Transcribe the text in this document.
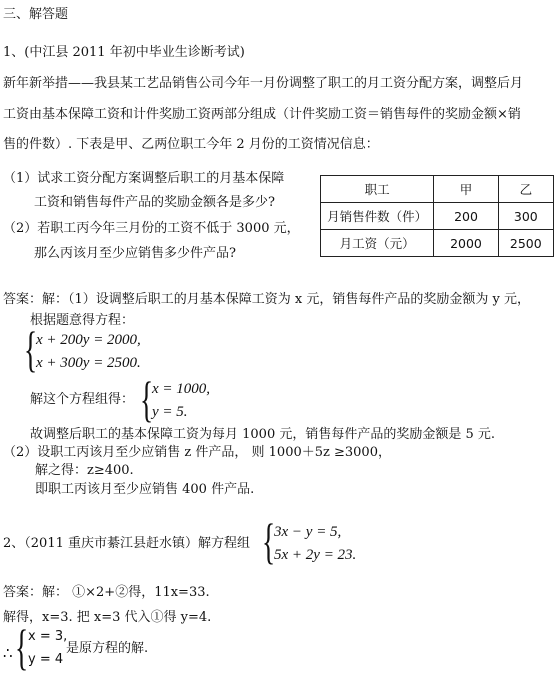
三、解答题
1、(中江县 2011 年初中毕业生诊断考试)
新年新举措——我县某工艺品销售公司今年一月份调整了职工的月工资分配方案，调整后月
工资由基本保障工资和计件奖励工资两部分组成（计件奖励工资＝销售每件的奖励金额×销
售的件数）. 下表是甲、乙两位职工今年 2 月份的工资情况信息：
（1）试求工资分配方案调整后职工的月基本保障
工资和销售每件产品的奖励金额各是多少?
（2）若职工丙今年三月份的工资不低于 3000 元，
那么丙该月至少应销售多少件产品?
职工	甲	乙
月销售件数（件）	200	300
月工资（元）	2000	2500
答案：解：（1）设调整后职工的月基本保障工资为 x 元，销售每件产品的奖励金额为 y 元，
根据题意得方程：
{
x + 200y = 2000,
x + 300y = 2500.
解这个方程组得： {
x = 1000,
y = 5.
故调整后职工的基本保障工资为每月 1000 元，销售每件产品的奖励金额是 5 元.
（2）设职工丙该月至少应销售 z 件产品， 则 1000＋5z ≥3000，
解之得：z≥400.
即职工丙该月至少应销售 400 件产品.
2、（2011 重庆市綦江县赶水镇）解方程组 {
3x − y = 5,
5x + 2y = 23.
答案：解： ①×2+②得，11x=33.
解得，x=3. 把 x=3 代入①得 y=4.
∴ { x = 3,
y = 4
是原方程的解.
